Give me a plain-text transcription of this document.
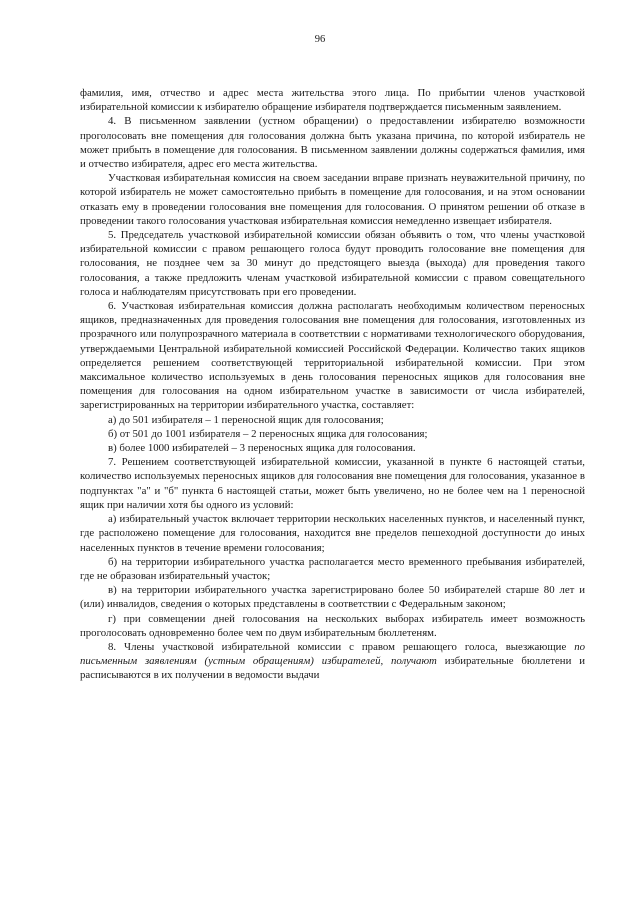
96

фамилия, имя, отчество и адрес места жительства этого лица. По прибытии членов участковой избирательной комиссии к избирателю обращение избирателя подтверждается письменным заявлением.

4. В письменном заявлении (устном обращении) о предоставлении избирателю возможности проголосовать вне помещения для голосования должна быть указана причина, по которой избиратель не может прибыть в помещение для голосования. В письменном заявлении должны содержаться фамилия, имя и отчество избирателя, адрес его места жительства.

Участковая избирательная комиссия на своем заседании вправе признать неуважительной причину, по которой избиратель не может самостоятельно прибыть в помещение для голосования, и на этом основании отказать ему в проведении голосования вне помещения для голосования. О принятом решении об отказе в проведении такого голосования участковая избирательная комиссия немедленно извещает избирателя.

5. Председатель участковой избирательной комиссии обязан объявить о том, что члены участковой избирательной комиссии с правом решающего голоса будут проводить голосование вне помещения для голосования, не позднее чем за 30 минут до предстоящего выезда (выхода) для проведения такого голосования, а также предложить членам участковой избирательной комиссии с правом совещательного голоса и наблюдателям присутствовать при его проведении.

6. Участковая избирательная комиссия должна располагать необходимым количеством переносных ящиков, предназначенных для проведения голосования вне помещения для голосования, изготовленных из прозрачного или полупрозрачного материала в соответствии с нормативами технологического оборудования, утверждаемыми Центральной избирательной комиссией Российской Федерации. Количество таких ящиков определяется решением соответствующей территориальной избирательной комиссии. При этом максимальное количество используемых в день голосования переносных ящиков для голосования вне помещения для голосования на одном избирательном участке в зависимости от числа избирателей, зарегистрированных на территории избирательного участка, составляет:

а) до 501 избирателя – 1 переносной ящик для голосования;

б) от 501 до 1001 избирателя – 2 переносных ящика для голосования;

в) более 1000 избирателей – 3 переносных ящика для голосования.

7. Решением соответствующей избирательной комиссии, указанной в пункте 6 настоящей статьи, количество используемых переносных ящиков для голосования вне помещения для голосования, указанное в подпунктах "а" и "б" пункта 6 настоящей статьи, может быть увеличено, но не более чем на 1 переносной ящик при наличии хотя бы одного из условий:

а) избирательный участок включает территории нескольких населенных пунктов, и населенный пункт, где расположено помещение для голосования, находится вне пределов пешеходной доступности до иных населенных пунктов в течение времени голосования;

б) на территории избирательного участка располагается место временного пребывания избирателей, где не образован избирательный участок;

в) на территории избирательного участка зарегистрировано более 50 избирателей старше 80 лет и (или) инвалидов, сведения о которых представлены в соответствии с Федеральным законом;

г) при совмещении дней голосования на нескольких выборах избиратель имеет возможность проголосовать одновременно более чем по двум избирательным бюллетеням.

8. Члены участковой избирательной комиссии с правом решающего голоса, выезжающие по письменным заявлениям (устным обращениям) избирателей, получают избирательные бюллетени и расписываются в их получении в ведомости выдачи
